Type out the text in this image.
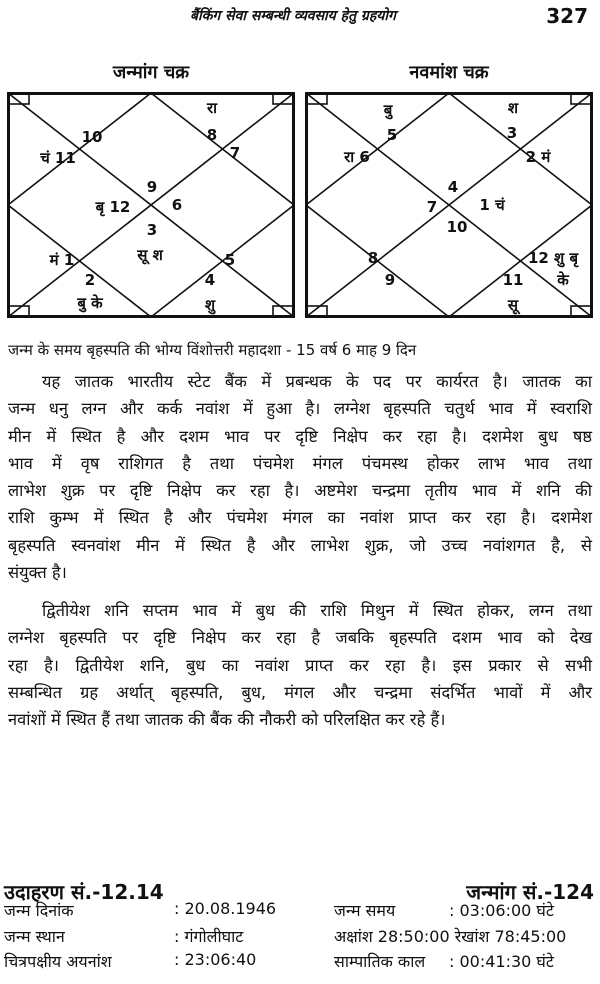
बैंकिंग सेवा सम्बन्धी व्यवसाय हेतु ग्रहयोग	327
जन्मांग चक्र	नवमांश चक्र
10
चं 11
रा
8
7
9
बृ 12	6
3
सू श
मं 1
2
बु के
4
5
शु
बु
5
रा 6
श
3
2 मं
4
7	1 चं
10
8
9
12 शु बृ
11 के
सू
जन्म के समय बृहस्पति की भोग्य विंशोत्तरी महादशा - 15 वर्ष 6 माह 9 दिन
यह जातक भारतीय स्टेट बैंक में प्रबन्धक के पद पर कार्यरत है। जातक का
जन्म धनु लग्न और कर्क नवांश में हुआ है। लग्नेश बृहस्पति चतुर्थ भाव में स्वराशि
मीन में स्थित है और दशम भाव पर दृष्टि निक्षेप कर रहा है। दशमेश बुध षष्ठ
भाव में वृष राशिगत है तथा पंचमेश मंगल पंचमस्थ होकर लाभ भाव तथा
लाभेश शुक्र पर दृष्टि निक्षेप कर रहा है। अष्टमेश चन्द्रमा तृतीय भाव में शनि की
राशि कुम्भ में स्थित है और पंचमेश मंगल का नवांश प्राप्त कर रहा है। दशमेश
बृहस्पति स्वनवांश मीन में स्थित है और लाभेश शुक्र, जो उच्च नवांशगत है, से
संयुक्त है।
द्वितीयेश शनि सप्तम भाव में बुध की राशि मिथुन में स्थित होकर, लग्न तथा
लग्नेश बृहस्पति पर दृष्टि निक्षेप कर रहा है जबकि बृहस्पति दशम भाव को देख
रहा है। द्वितीयेश शनि, बुध का नवांश प्राप्त कर रहा है। इस प्रकार से सभी
सम्बन्धित ग्रह अर्थात् बृहस्पति, बुध, मंगल और चन्द्रमा संदर्भित भावों में और
नवांशों में स्थित हैं तथा जातक की बैंक की नौकरी को परिलक्षित कर रहे हैं।
उदाहरण सं.-12.14	जन्मांग सं.-124
जन्म दिनांक	: 20.08.1946	जन्म समय	: 03:06:00 घंटे
जन्म स्थान	: गंगोलीघाट	अक्षांश 28:50:00 रेखांश 78:45:00
चित्रपक्षीय अयनांश	: 23:06:40	साम्पातिक काल : 00:41:30 घंटे
